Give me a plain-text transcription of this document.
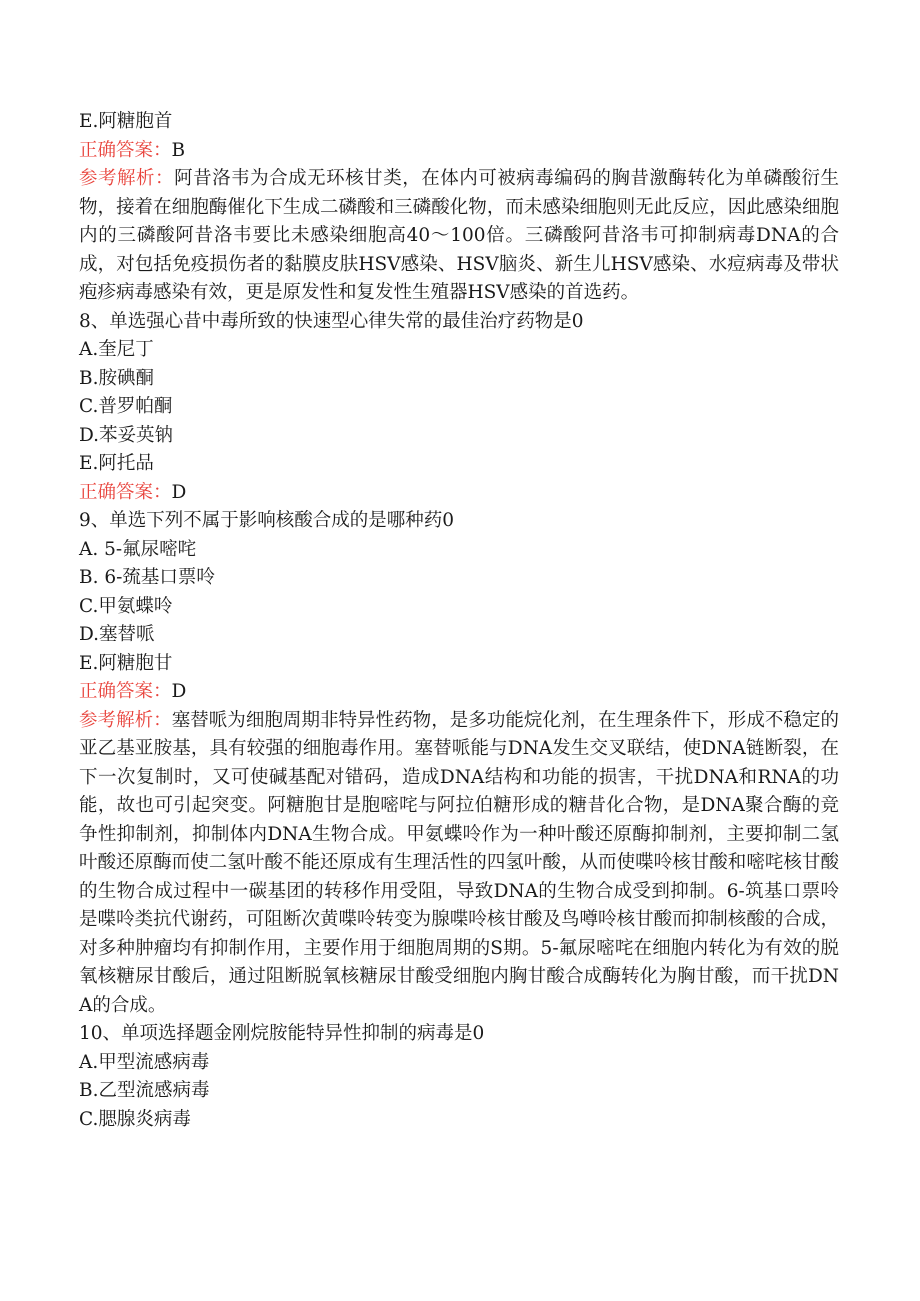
E.阿糖胞首
正确答案：B
参考解析：阿昔洛韦为合成无环核甘类，在体内可被病毒编码的胸昔激酶转化为单磷酸衍生物，接着在细胞酶催化下生成二磷酸和三磷酸化物，而未感染细胞则无此反应，因此感染细胞内的三磷酸阿昔洛韦要比未感染细胞高40～100倍。三磷酸阿昔洛韦可抑制病毒DNA的合成，对包括免疫损伤者的黏膜皮肤HSV感染、HSV脑炎、新生儿HSV感染、水痘病毒及带状疱疹病毒感染有效，更是原发性和复发性生殖器HSV感染的首选药。
8、单选强心昔中毒所致的快速型心律失常的最佳治疗药物是0
A.奎尼丁
B.胺碘酮
C.普罗帕酮
D.苯妥英钠
E.阿托品
正确答案：D
9、单选下列不属于影响核酸合成的是哪种药0
A. 5-氟尿嘧咤
B. 6-巯基口票呤
C.甲氨蝶呤
D.塞替哌
E.阿糖胞甘
正确答案：D
参考解析：塞替哌为细胞周期非特异性药物，是多功能烷化剂，在生理条件下，形成不稳定的亚乙基亚胺基，具有较强的细胞毒作用。塞替哌能与DNA发生交叉联结，使DNA链断裂，在下一次复制时，又可使碱基配对错码，造成DNA结构和功能的损害，干扰DNA和RNA的功能，故也可引起突变。阿糖胞甘是胞嘧咤与阿拉伯糖形成的糖昔化合物，是DNA聚合酶的竞争性抑制剂，抑制体内DNA生物合成。甲氨蝶呤作为一种叶酸还原酶抑制剂，主要抑制二氢叶酸还原酶而使二氢叶酸不能还原成有生理活性的四氢叶酸，从而使喋呤核甘酸和嘧咤核甘酸的生物合成过程中一碳基团的转移作用受阻，导致DNA的生物合成受到抑制。6-筑基口票呤是喋呤类抗代谢药，可阻断次黄喋呤转变为腺喋呤核甘酸及鸟噂呤核甘酸而抑制核酸的合成，对多种肿瘤均有抑制作用，主要作用于细胞周期的S期。5-氟尿嘧咤在细胞内转化为有效的脱氧核糖尿甘酸后，通过阻断脱氧核糖尿甘酸受细胞内胸甘酸合成酶转化为胸甘酸，而干扰DNA的合成。
10、单项选择题金刚烷胺能特异性抑制的病毒是0
A.甲型流感病毒
B.乙型流感病毒
C.腮腺炎病毒
